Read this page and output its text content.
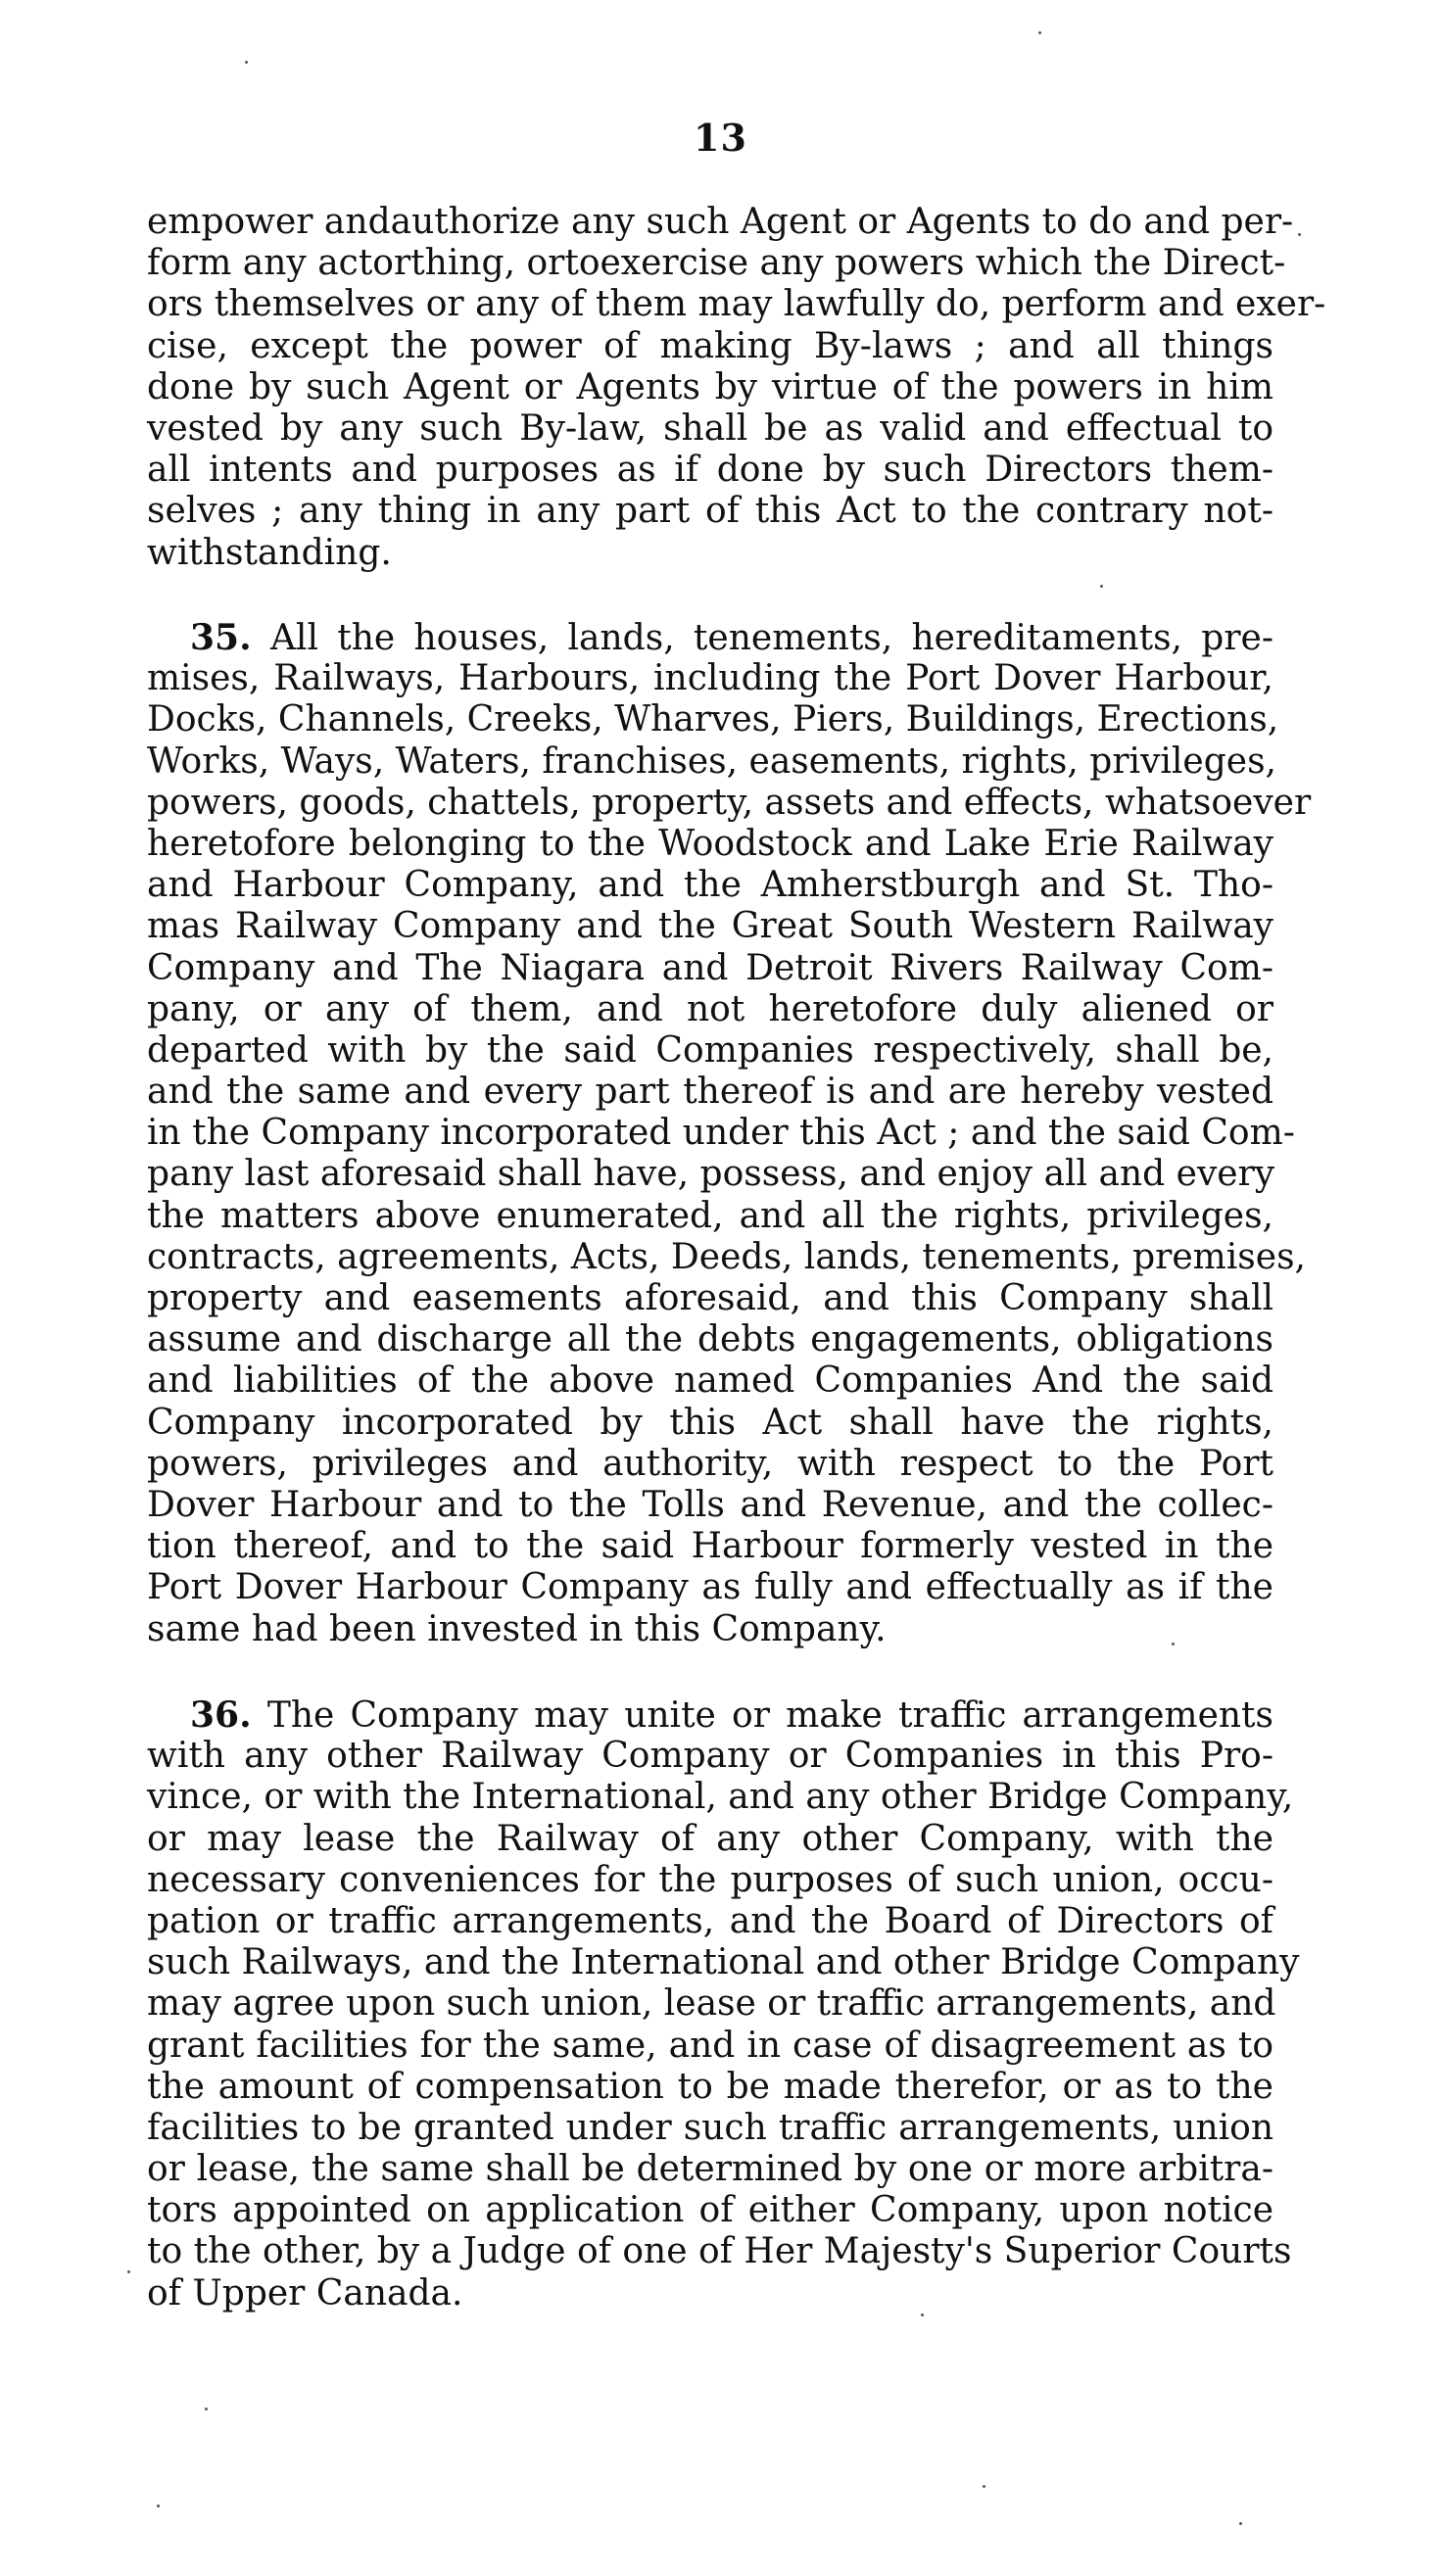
13
empower andauthorize any such Agent or Agents to do and per-
form any actorthing, ortoexercise any powers which the Direct-
ors themselves or any of them may lawfully do, perform and exer-
cise, except the power of making By-laws ; and all things
done by such Agent or Agents by virtue of the powers in him
vested by any such By-law, shall be as valid and effectual to
all intents and purposes as if done by such Directors them-
selves ; any thing in any part of this Act to the contrary not-
withstanding.
35. All the houses, lands, tenements, hereditaments, pre-
mises, Railways, Harbours, including the Port Dover Harbour,
Docks, Channels, Creeks, Wharves, Piers, Buildings, Erections,
Works, Ways, Waters, franchises, easements, rights, privileges,
powers, goods, chattels, property, assets and effects, whatsoever
heretofore belonging to the Woodstock and Lake Erie Railway
and Harbour Company, and the Amherstburgh and St. Tho-
mas Railway Company and the Great South Western Railway
Company and The Niagara and Detroit Rivers Railway Com-
pany, or any of them, and not heretofore duly aliened or
departed with by the said Companies respectively, shall be,
and the same and every part thereof is and are hereby vested
in the Company incorporated under this Act ; and the said Com-
pany last aforesaid shall have, possess, and enjoy all and every
the matters above enumerated, and all the rights, privileges,
contracts, agreements, Acts, Deeds, lands, tenements, premises,
property and easements aforesaid, and this Company shall
assume and discharge all the debts engagements, obligations
and liabilities of the above named Companies And the said
Company incorporated by this Act shall have the rights,
powers, privileges and authority, with respect to the Port
Dover Harbour and to the Tolls and Revenue, and the collec-
tion thereof, and to the said Harbour formerly vested in the
Port Dover Harbour Company as fully and effectually as if the
same had been invested in this Company.
36. The Company may unite or make traffic arrangements
with any other Railway Company or Companies in this Pro-
vince, or with the International, and any other Bridge Company,
or may lease the Railway of any other Company, with the
necessary conveniences for the purposes of such union, occu-
pation or traffic arrangements, and the Board of Directors of
such Railways, and the International and other Bridge Company
may agree upon such union, lease or traffic arrangements, and
grant facilities for the same, and in case of disagreement as to
the amount of compensation to be made therefor, or as to the
facilities to be granted under such traffic arrangements, union
or lease, the same shall be determined by one or more arbitra-
tors appointed on application of either Company, upon notice
to the other, by a Judge of one of Her Majesty's Superior Courts
of Upper Canada.
